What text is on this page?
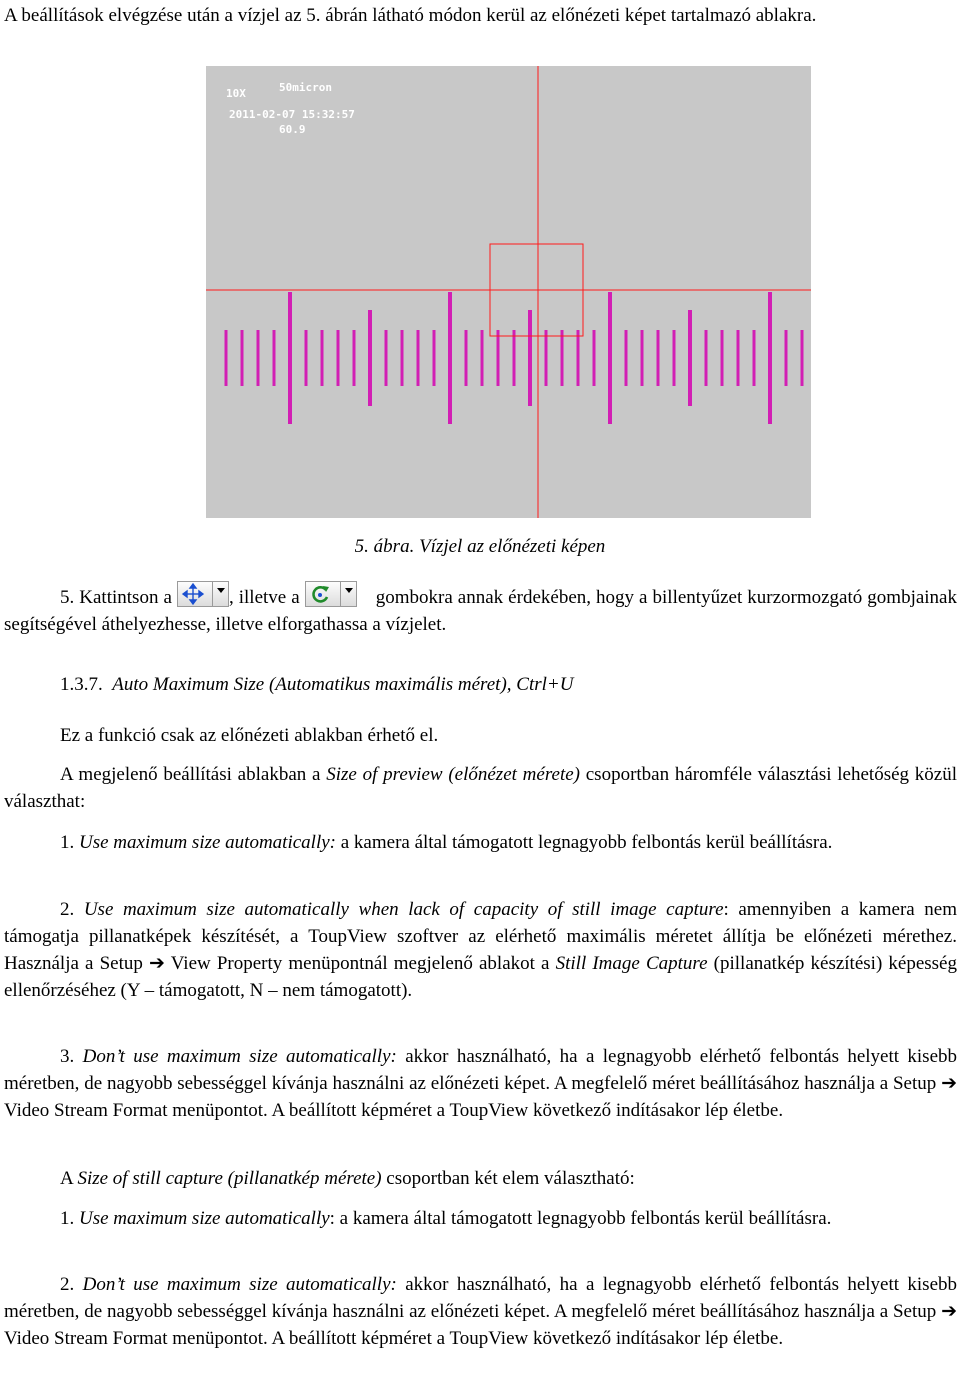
A beállítások elvégzése után a vízjel az 5. ábrán látható módon kerül az előnézeti képet tartalmazó ablakra.

10X	50micron
2011-02-07 15:32:57
60.9

5. ábra. Vízjel az előnézeti képen

5. Kattintson a	, illetve a	gombokra annak érdekében, hogy a billentyűzet kurzormozgató gombjainak segítségével áthelyezhesse, illetve elforgathassa a vízjelet.

1.3.7. Auto Maximum Size (Automatikus maximális méret), Ctrl+U

Ez a funkció csak az előnézeti ablakban érhető el.

A megjelenő beállítási ablakban a Size of preview (előnézet mérete) csoportban háromféle választási lehetőség közül választhat:

1. Use maximum size automatically: a kamera által támogatott legnagyobb felbontás kerül beállításra.

2. Use maximum size automatically when lack of capacity of still image capture: amennyiben a kamera nem támogatja pillanatképek készítését, a ToupView szoftver az elérhető maximális méretet állítja be előnézeti mérethez. Használja a Setup ➔ View Property menüpontnál megjelenő ablakot a Still Image Capture (pillanatkép készítési) képesség ellenőrzéséhez (Y – támogatott, N – nem támogatott).

3. Don’t use maximum size automatically: akkor használható, ha a legnagyobb elérhető felbontás helyett kisebb méretben, de nagyobb sebességgel kívánja használni az előnézeti képet. A megfelelő méret beállításához használja a Setup ➔ Video Stream Format menüpontot. A beállított képméret a ToupView következő indításakor lép életbe.

A Size of still capture (pillanatkép mérete) csoportban két elem választható:

1. Use maximum size automatically: a kamera által támogatott legnagyobb felbontás kerül beállításra.

2. Don’t use maximum size automatically: akkor használható, ha a legnagyobb elérhető felbontás helyett kisebb méretben, de nagyobb sebességgel kívánja használni az előnézeti képet. A megfelelő méret beállításához használja a Setup ➔ Video Stream Format menüpontot. A beállított képméret a ToupView következő indításakor lép életbe.
